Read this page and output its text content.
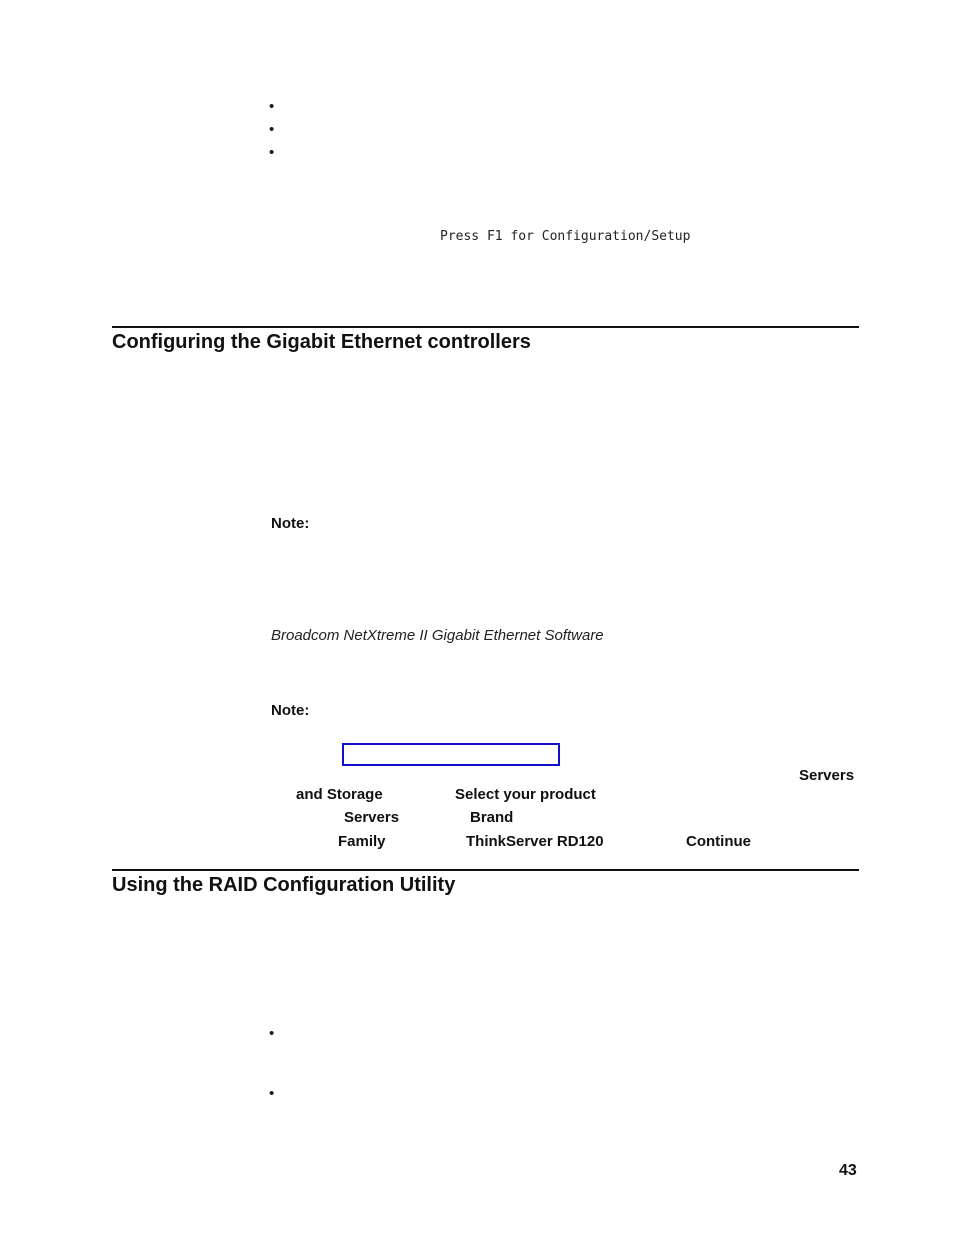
•
•
•
Press F1 for Configuration/Setup
Configuring the Gigabit Ethernet controllers
Note:
Broadcom NetXtreme II Gigabit Ethernet Software
Note:
Servers
and Storage	Select your product
Servers	Brand
Family	ThinkServer RD120	Continue
Using the RAID Configuration Utility
•
•
43
